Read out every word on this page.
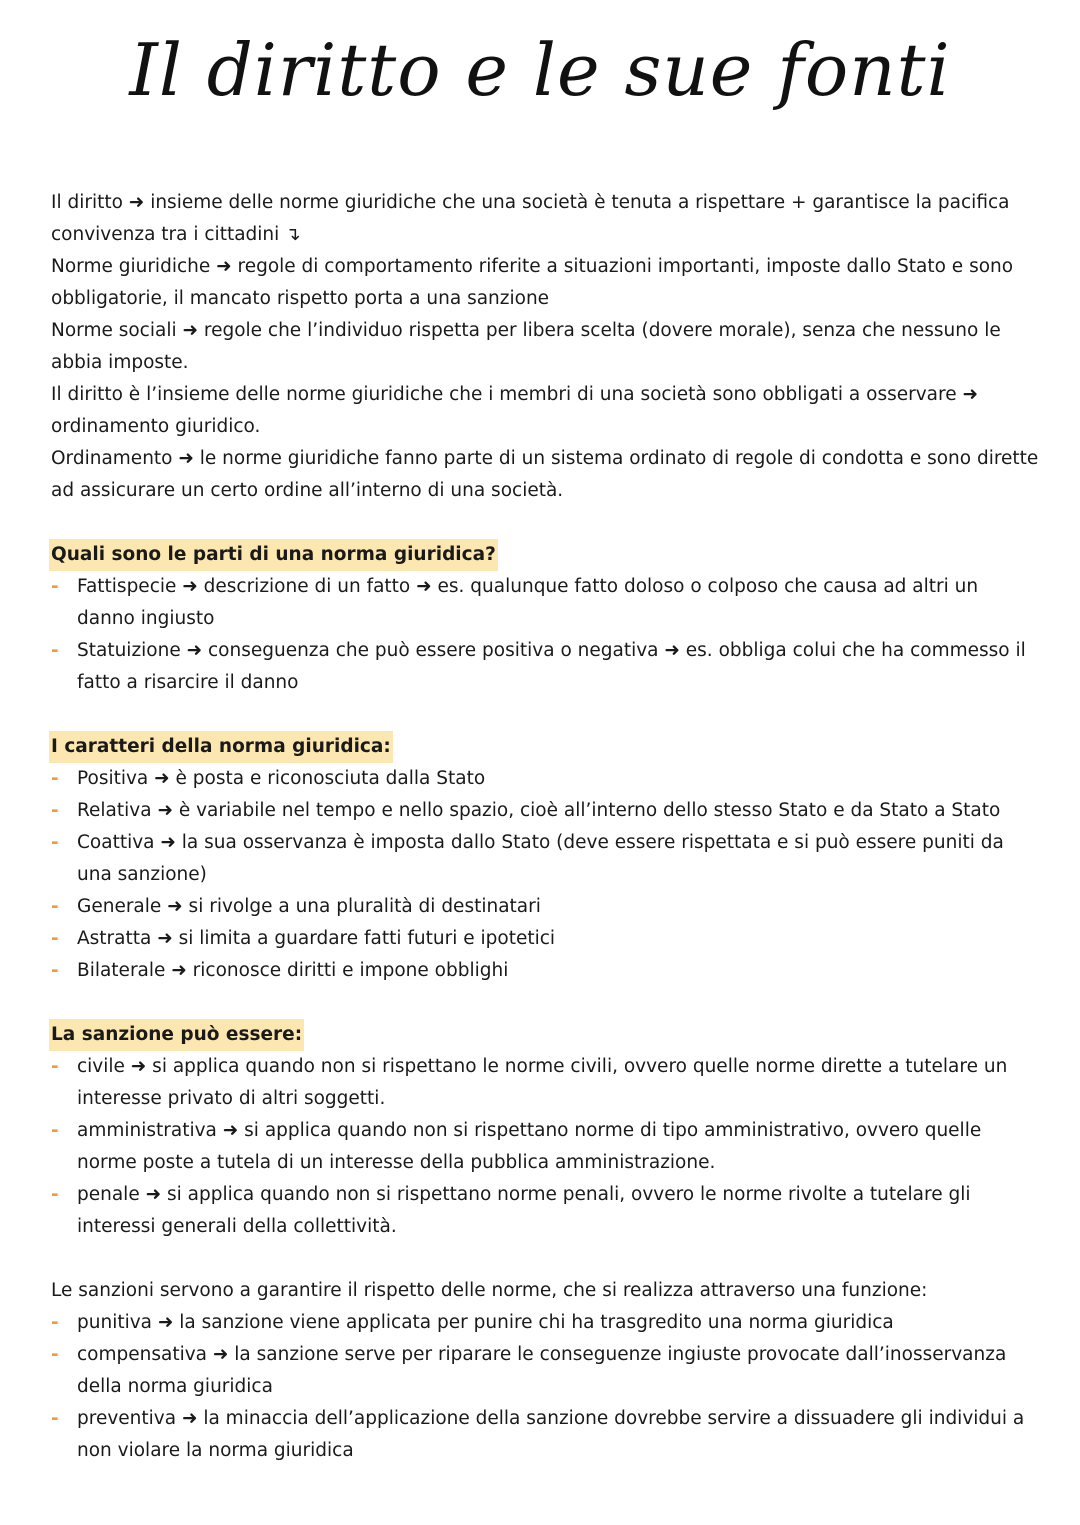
Il diritto e le sue fonti

Il diritto ➜ insieme delle norme giuridiche che una società è tenuta a rispettare + garantisce la pacifica convivenza tra i cittadini ↴

Norme giuridiche ➜ regole di comportamento riferite a situazioni importanti, imposte dallo Stato e sono obbligatorie, il mancato rispetto porta a una sanzione

Norme sociali ➜ regole che l’individuo rispetta per libera scelta (dovere morale), senza che nessuno le abbia imposte.

Il diritto è l’insieme delle norme giuridiche che i membri di una società sono obbligati a osservare ➜ ordinamento giuridico.

Ordinamento ➜ le norme giuridiche fanno parte di un sistema ordinato di regole di condotta e sono dirette ad assicurare un certo ordine all’interno di una società.

Quali sono le parti di una norma giuridica?
- Fattispecie ➜ descrizione di un fatto ➜ es. qualunque fatto doloso o colposo che causa ad altri un danno ingiusto
- Statuizione ➜ conseguenza che può essere positiva o negativa ➜ es. obbliga colui che ha commesso il fatto a risarcire il danno
I caratteri della norma giuridica:
- Positiva ➜ è posta e riconosciuta dalla Stato
- Relativa ➜ è variabile nel tempo e nello spazio, cioè all’interno dello stesso Stato e da Stato a Stato
- Coattiva ➜ la sua osservanza è imposta dallo Stato (deve essere rispettata e si può essere puniti da una sanzione)
- Generale ➜ si rivolge a una pluralità di destinatari
- Astratta ➜ si limita a guardare fatti futuri e ipotetici
- Bilaterale ➜ riconosce diritti e impone obblighi
La sanzione può essere:
- civile ➜ si applica quando non si rispettano le norme civili, ovvero quelle norme dirette a tutelare un interesse privato di altri soggetti.
- amministrativa ➜ si applica quando non si rispettano norme di tipo amministrativo, ovvero quelle norme poste a tutela di un interesse della pubblica amministrazione.
- penale ➜ si applica quando non si rispettano norme penali, ovvero le norme rivolte a tutelare gli interessi generali della collettività.

Le sanzioni servono a garantire il rispetto delle norme, che si realizza attraverso una funzione:

- punitiva ➜ la sanzione viene applicata per punire chi ha trasgredito una norma giuridica
- compensativa ➜ la sanzione serve per riparare le conseguenze ingiuste provocate dall’inosservanza della norma giuridica
- preventiva ➜ la minaccia dell’applicazione della sanzione dovrebbe servire a dissuadere gli individui a non violare la norma giuridica
